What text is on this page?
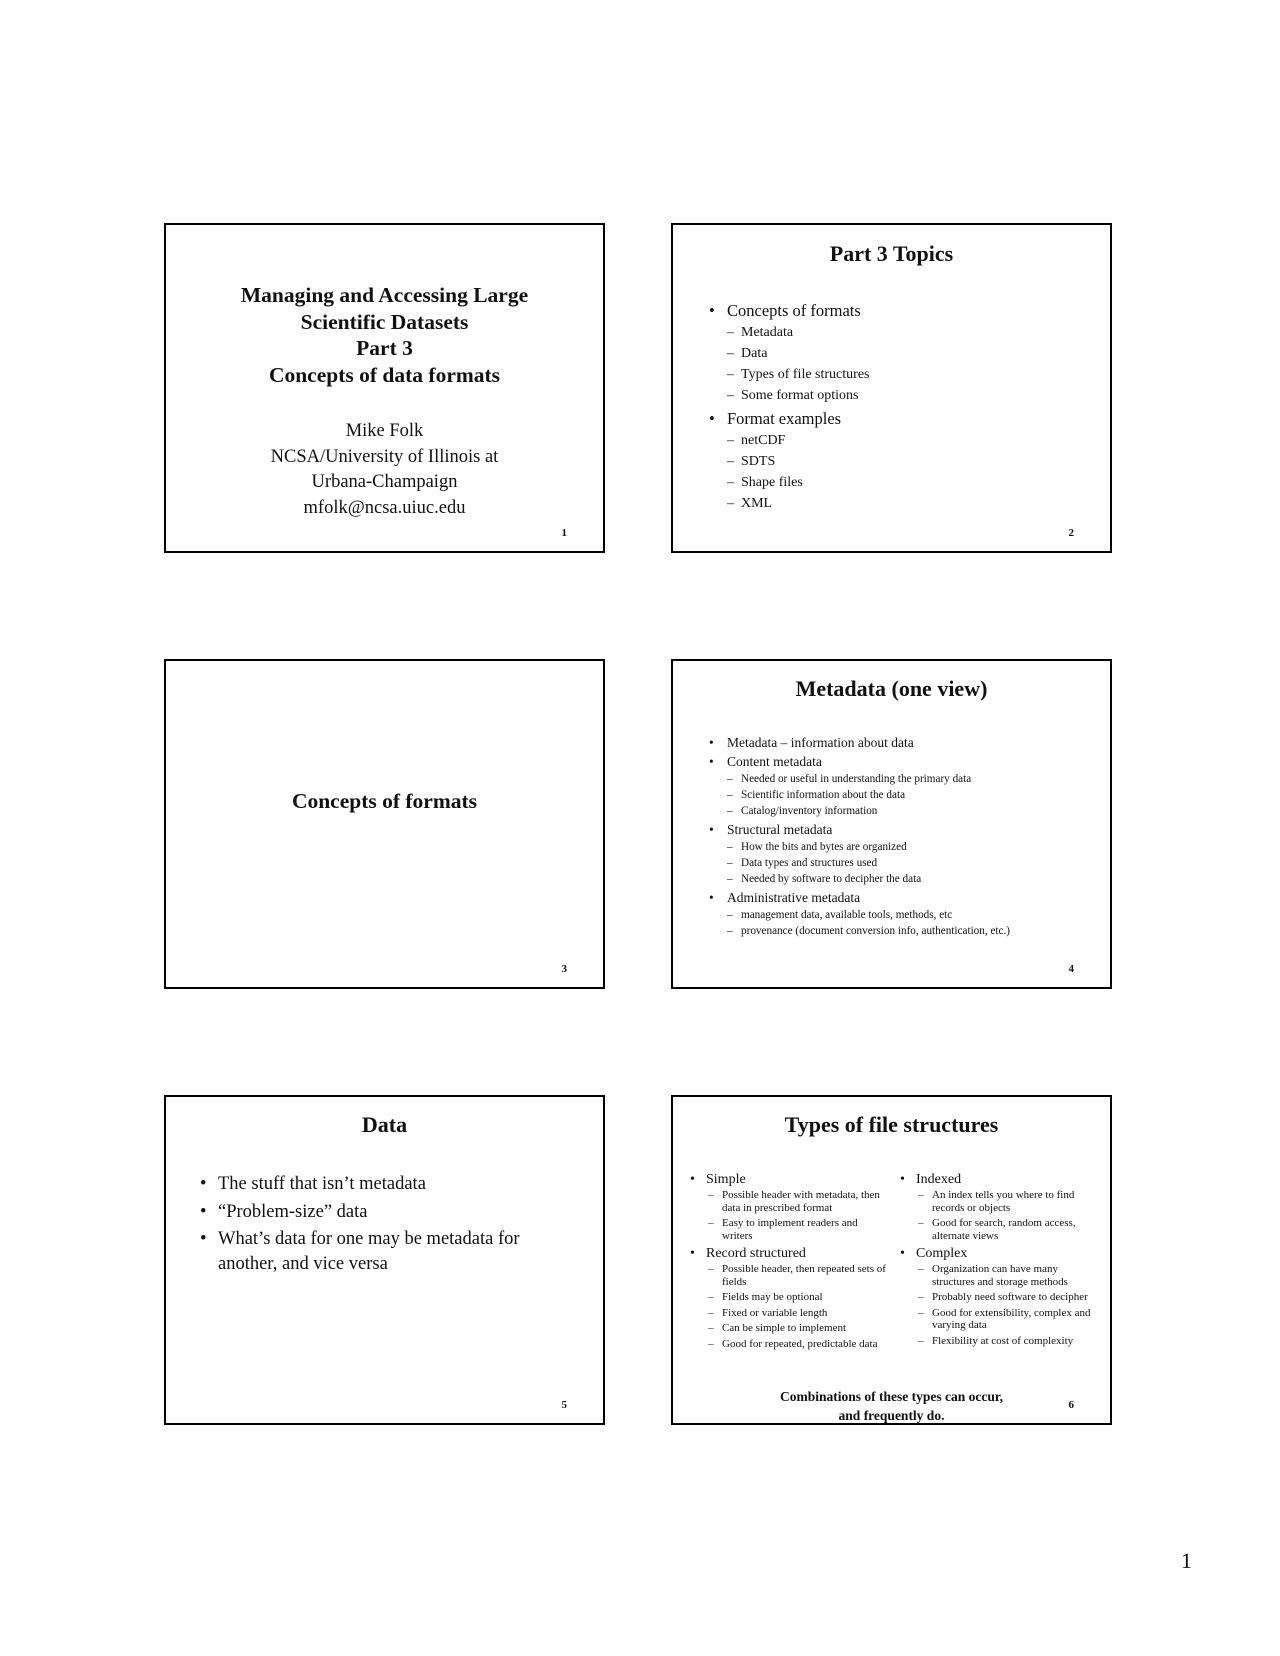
Managing and Accessing Large
Scientific Datasets
Part 3
Concepts of data formats
Mike Folk
NCSA/University of Illinois at
Urbana-Champaign
mfolk@ncsa.uiuc.edu
1
Part 3 Topics
• Concepts of formats
– Metadata
– Data
– Types of file structures
– Some format options
• Format examples
– netCDF
– SDTS
– Shape files
– XML
2
Concepts of formats
3
Metadata (one view)
• Metadata – information about data
• Content metadata
– Needed or useful in understanding the primary data
– Scientific information about the data
– Catalog/inventory information
• Structural metadata
– How the bits and bytes are organized
– Data types and structures used
– Needed by software to decipher the data
• Administrative metadata
– management data, available tools, methods, etc
– provenance (document conversion info, authentication, etc.)
4
Data
• The stuff that isn’t metadata
• “Problem-size” data
• What’s data for one may be metadata for another, and vice versa
5
Types of file structures
• Simple
– Possible header with metadata, then data in prescribed format
– Easy to implement readers and writers
• Record structured
– Possible header, then repeated sets of fields
– Fields may be optional
– Fixed or variable length
– Can be simple to implement
– Good for repeated, predictable data
• Indexed
– An index tells you where to find records or objects
– Good for search, random access, alternate views
• Complex
– Organization can have many structures and storage methods
– Probably need software to decipher
– Good for extensibility, complex and varying data
– Flexibility at cost of complexity
Combinations of these types can occur,
and frequently do.
6
1
